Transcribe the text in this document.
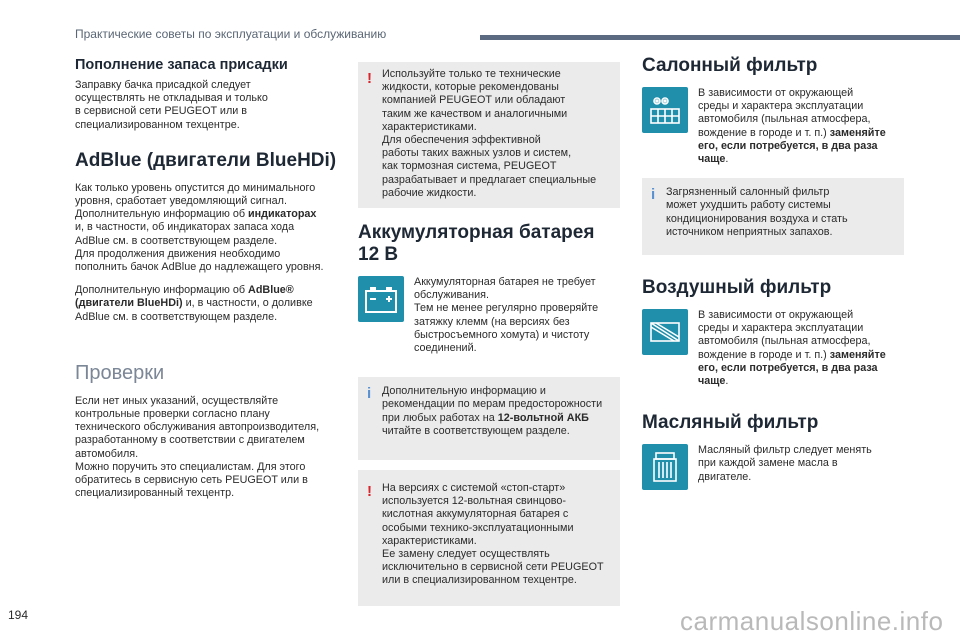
Практические советы по эксплуатации и обслуживанию
Пополнение запаса присадки

Заправку бачка присадкой следует
осуществлять не откладывая и только
в сервисной сети PEUGEOT или в
специализированном техцентре.

AdBlue (двигатели BlueHDi)

Как только уровень опустится до минимального
уровня, сработает уведомляющий сигнал.
Дополнительную информацию об индикаторах
и, в частности, об индикаторах запаса хода
AdBlue см. в соответствующем разделе.
Для продолжения движения необходимо
пополнить бачок AdBlue до надлежащего уровня.

Дополнительную информацию об AdBlue®
(двигатели BlueHDi) и, в частности, о доливке
AdBlue см. в соответствующем разделе.

Проверки

Если нет иных указаний, осуществляйте
контрольные проверки согласно плану
технического обслуживания автопроизводителя,
разработанному в соответствии с двигателем
автомобиля.
Можно поручить это специалистам. Для этого
обратитесь в сервисную сеть PEUGEOT или в
специализированный техцентр.

! Используйте только те технические
жидкости, которые рекомендованы
компанией PEUGEOT или обладают
таким же качеством и аналогичными
характеристиками.
Для обеспечения эффективной
работы таких важных узлов и систем,
как тормозная система, PEUGEOT
разрабатывает и предлагает специальные
рабочие жидкости.

Аккумуляторная батарея 12 В

Аккумуляторная батарея не требует
обслуживания.
Тем не менее регулярно проверяйте
затяжку клемм (на версиях без
быстросъемного хомута) и чистоту
соединений.

i Дополнительную информацию и
рекомендации по мерам предосторожности
при любых работах на 12-вольтной АКБ
читайте в соответствующем разделе.

! На версиях с системой «стоп-старт»
используется 12-вольтная свинцово-
кислотная аккумуляторная батарея с
особыми технико-эксплуатационными
характеристиками.
Ее замену следует осуществлять
исключительно в сервисной сети PEUGEOT
или в специализированном техцентре.

Салонный фильтр

В зависимости от окружающей
среды и характера эксплуатации
автомобиля (пыльная атмосфера,
вождение в городе и т. п.) заменяйте
его, если потребуется, в два раза
чаще.

i Загрязненный салонный фильтр
может ухудшить работу системы
кондиционирования воздуха и стать
источником неприятных запахов.

Воздушный фильтр

В зависимости от окружающей
среды и характера эксплуатации
автомобиля (пыльная атмосфера,
вождение в городе и т. п.) заменяйте
его, если потребуется, в два раза
чаще.

Масляный фильтр

Масляный фильтр следует менять
при каждой замене масла в
двигателе.

194	carmanualsonline.info
